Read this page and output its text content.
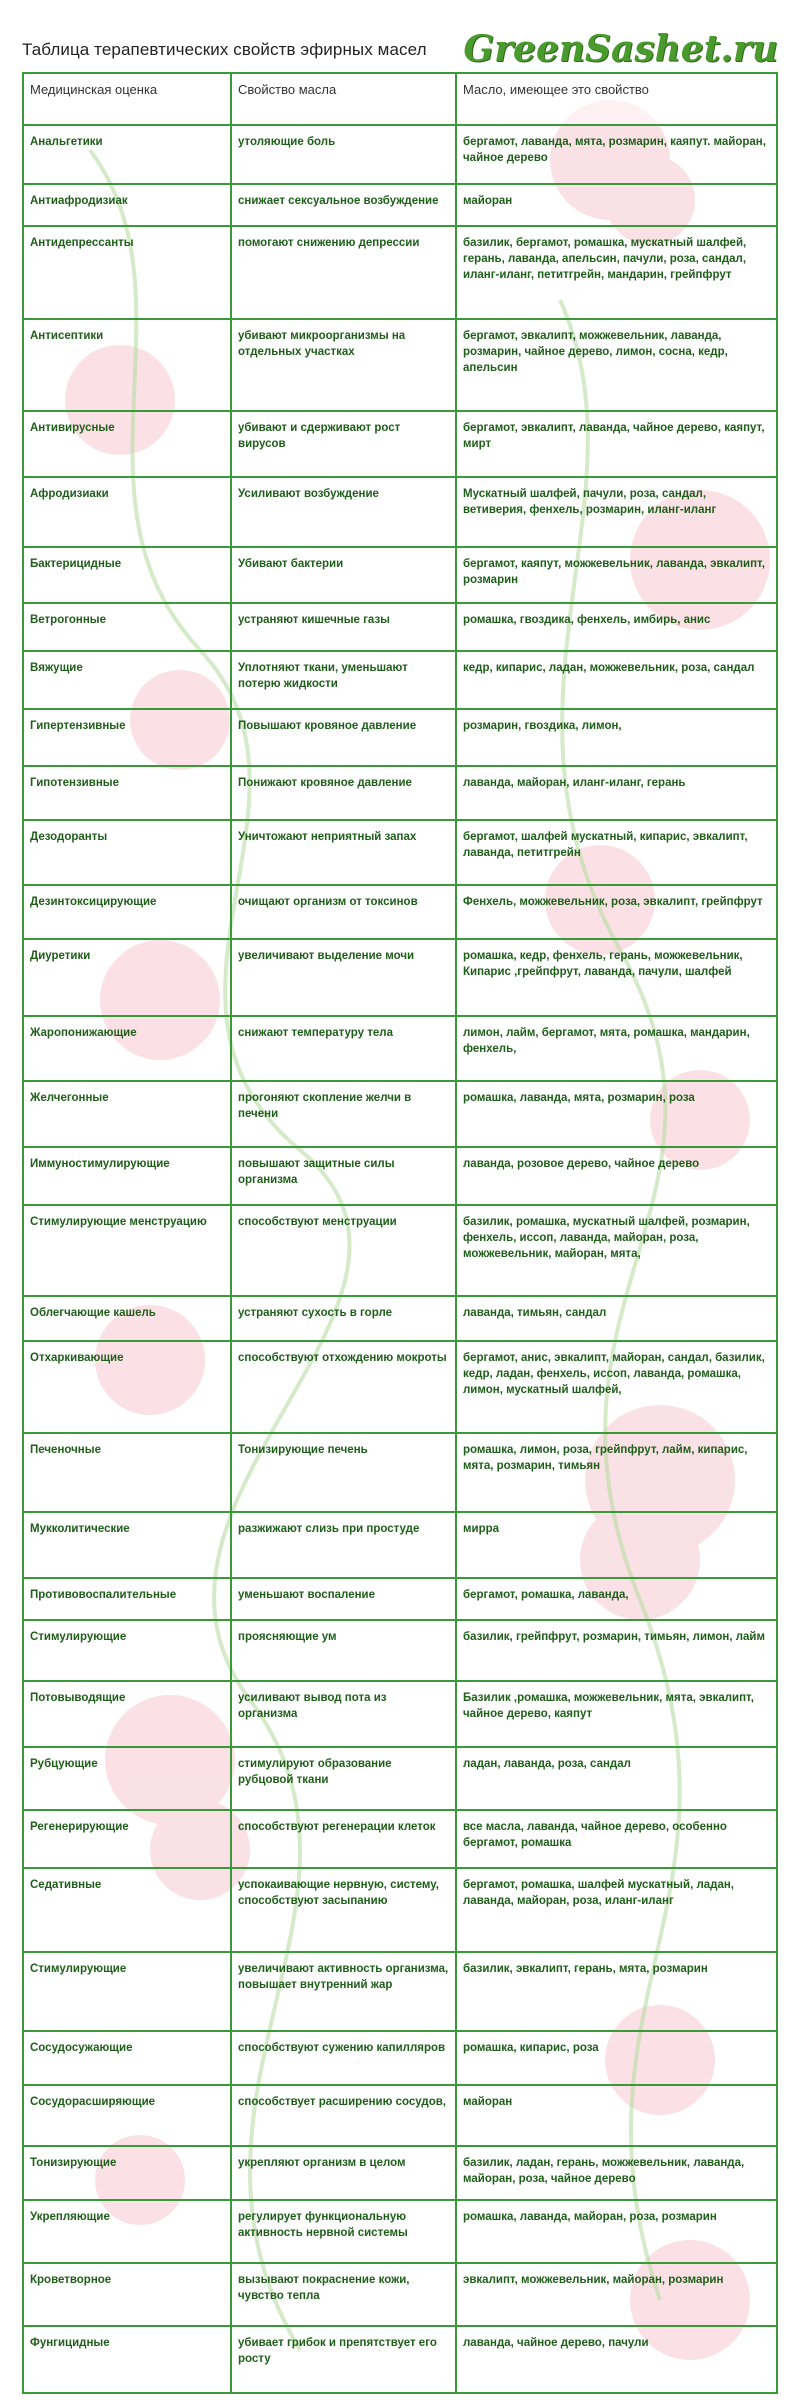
Таблица терапевтических свойств эфирных масел GreenSashet.ru
Медицинская оценка	Свойство масла	Масло, имеющее это свойство
Анальгетики	утоляющие боль	бергамот, лаванда, мята, розмарин, каяпут. майоран, чайное дерево
Антиафродизиак	снижает сексуальное возбуждение	майоран
Антидепрессанты	помогают снижению депрессии	базилик, бергамот, ромашка, мускатный шалфей, герань, лаванда, апельсин, пачули, роза, сандал, иланг-иланг, петитгрейн, мандарин, грейпфрут
Антисептики	убивают микроорганизмы на отдельных участках	бергамот, эвкалипт, можжевельник, лаванда, розмарин, чайное дерево, лимон, сосна, кедр, апельсин
Антивирусные	убивают и сдерживают рост вирусов	бергамот, эвкалипт, лаванда, чайное дерево, каяпут, мирт
Афродизиаки	Усиливают возбуждение	Мускатный шалфей, пачули, роза, сандал, ветиверия, фенхель, розмарин, иланг-иланг
Бактерицидные	Убивают бактерии	бергамот, каяпут, можжевельник, лаванда, эвкалипт, розмарин
Ветрогонные	устраняют кишечные газы	ромашка, гвоздика, фенхель, имбирь, анис
Вяжущие	Уплотняют ткани, уменьшают потерю жидкости	кедр, кипарис, ладан, можжевельник, роза, сандал
Гипертензивные	Повышают кровяное давление	розмарин, гвоздика, лимон,
Гипотензивные	Понижают кровяное давление	лаванда, майоран, иланг-иланг, герань
Дезодоранты	Уничтожают неприятный запах	бергамот, шалфей мускатный, кипарис, эвкалипт, лаванда, петитгрейн
Дезинтоксицирующие	очищают организм от токсинов	Фенхель, можжевельник, роза, эвкалипт, грейпфрут
Диуретики	увеличивают выделение мочи	ромашка, кедр, фенхель, герань, можжевельник, Кипарис ,грейпфрут, лаванда, пачули, шалфей
Жаропонижающие	снижают температуру тела	лимон, лайм, бергамот, мята, ромашка, мандарин, фенхель,
Желчегонные	прогоняют скопление желчи в печени	ромашка, лаванда, мята, розмарин, роза
Иммуностимулирующие	повышают защитные силы организма	лаванда, розовое дерево, чайное дерево
Стимулирующие менструацию	способствуют менструации	базилик, ромашка, мускатный шалфей, розмарин, фенхель, иссоп, лаванда, майоран, роза, можжевельник, майоран, мята,
Облегчающие кашель	устраняют сухость в горле	лаванда, тимьян, сандал
Отхаркивающие	способствуют отхождению мокроты	бергамот, анис, эвкалипт, майоран, сандал, базилик, кедр, ладан, фенхель, иссоп, лаванда, ромашка, лимон, мускатный шалфей,
Печеночные	Тонизирующие печень	ромашка, лимон, роза, грейпфрут, лайм, кипарис, мята, розмарин, тимьян
Мукколитические	разжижают слизь при простуде	мирра
Противовоспалительные	уменьшают воспаление	бергамот, ромашка, лаванда,
Стимулирующие	проясняющие ум	базилик, грейпфрут, розмарин, тимьян, лимон, лайм
Потовыводящие	усиливают вывод пота из организма	Базилик ,ромашка, можжевельник, мята, эвкалипт, чайное дерево, каяпут
Рубцующие	стимулируют образование рубцовой ткани	ладан, лаванда, роза, сандал
Регенерирующие	способствуют регенерации клеток	все масла, лаванда, чайное дерево, особенно бергамот, ромашка
Седативные	успокаивающие нервную, систему, способствуют засыпанию	бергамот, ромашка, шалфей мускатный, ладан, лаванда, майоран, роза, иланг-иланг
Стимулирующие	увеличивают активность организма, повышает внутренний жар	базилик, эвкалипт, герань, мята, розмарин
Сосудосужающие	способствуют сужению капилляров	ромашка, кипарис, роза
Сосудорасширяющие	способствует расширению сосудов,	майоран
Тонизирующие	укрепляют организм в целом	базилик, ладан, герань, можжевельник, лаванда, майоран, роза, чайное дерево
Укрепляющие	регулирует функциональную активность нервной системы	ромашка, лаванда, майоран, роза, розмарин
Кроветворное	вызывают покраснение кожи, чувство тепла	эвкалипт, можжевельник, майоран, розмарин
Фунгицидные	убивает грибок и препятствует его росту	лаванда, чайное дерево, пачули
